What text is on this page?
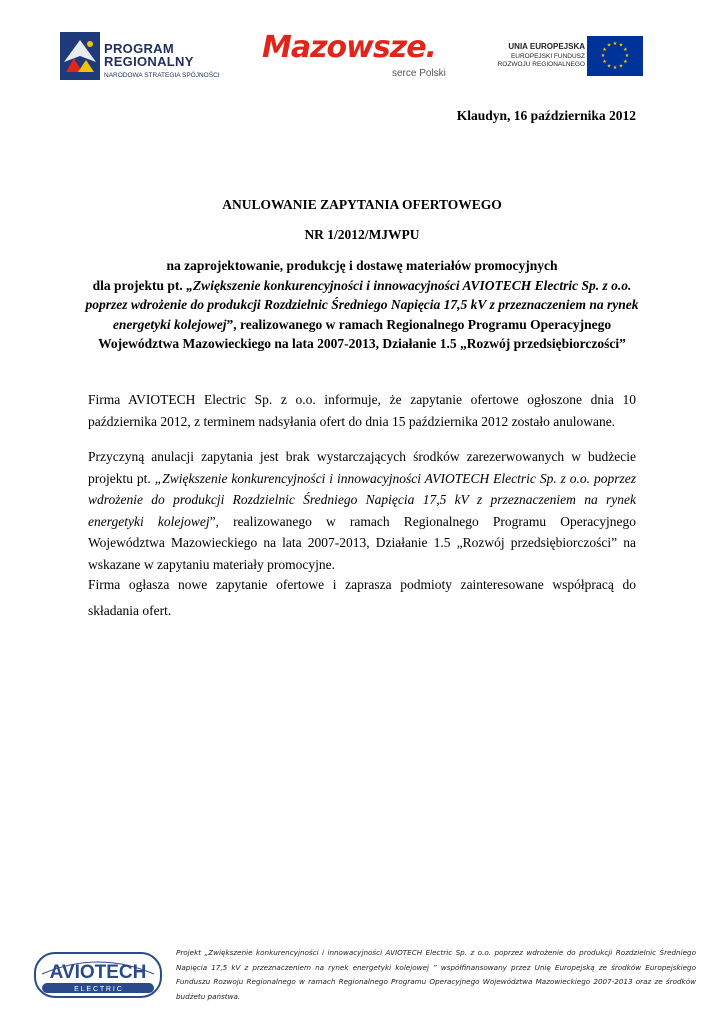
PROGRAM
REGIONALNY
NARODOWA STRATEGIA SPÓJNOŚCI
Mazowsze.
serce Polski
UNIA EUROPEJSKA
EUROPEJSKI FUNDUSZ
ROZWOJU REGIONALNEGO
★ ★
★
★
★
★
★
★
★
★
★
★
Klaudyn, 16 października 2012
ANULOWANIE ZAPYTANIA OFERTOWEGO
NR 1/2012/MJWPU
na zaprojektowanie, produkcję i dostawę materiałów promocyjnych
dla projektu pt. „Zwiększenie konkurencyjności i innowacyjności AVIOTECH Electric Sp. z o.o. poprzez wdrożenie do produkcji Rozdzielnic Średniego Napięcia 17,5 kV z przeznaczeniem na rynek energetyki kolejowej”, realizowanego w ramach Regionalnego Programu Operacyjnego Województwa Mazowieckiego na lata 2007-2013, Działanie 1.5 „Rozwój przedsiębiorczości”
Firma AVIOTECH Electric Sp. z o.o. informuje, że zapytanie ofertowe ogłoszone dnia 10 października 2012, z terminem nadsyłania ofert do dnia 15 października 2012 zostało anulowane.
Przyczyną anulacji zapytania jest brak wystarczających środków zarezerwowanych w budżecie projektu pt. „Zwiększenie konkurencyjności i innowacyjności AVIOTECH Electric Sp. z o.o. poprzez wdrożenie do produkcji Rozdzielnic Średniego Napięcia 17,5 kV z przeznaczeniem na rynek energetyki kolejowej”, realizowanego w ramach Regionalnego Programu Operacyjnego Województwa Mazowieckiego na lata 2007-2013, Działanie 1.5 „Rozwój przedsiębiorczości” na wskazane w zapytaniu materiały promocyjne.
Firma ogłasza nowe zapytanie ofertowe i zaprasza podmioty zainteresowane współpracą do składania ofert.
AVIOTECH
E L E C T R I C
Projekt „Zwiększenie konkurencyjności i innowacyjności AVIOTECH Electric Sp. z o.o. poprzez wdrożenie do produkcji Rozdzielnic Średniego Napięcia 17,5 kV z przeznaczeniem na rynek energetyki kolejowej ” współfinansowany przez Unię Europejską ze środków Europejskiego Funduszu Rozwoju Regionalnego w ramach Regionalnego Programu Operacyjnego Województwa Mazowieckiego 2007-2013 oraz ze środków budżetu państwa.
